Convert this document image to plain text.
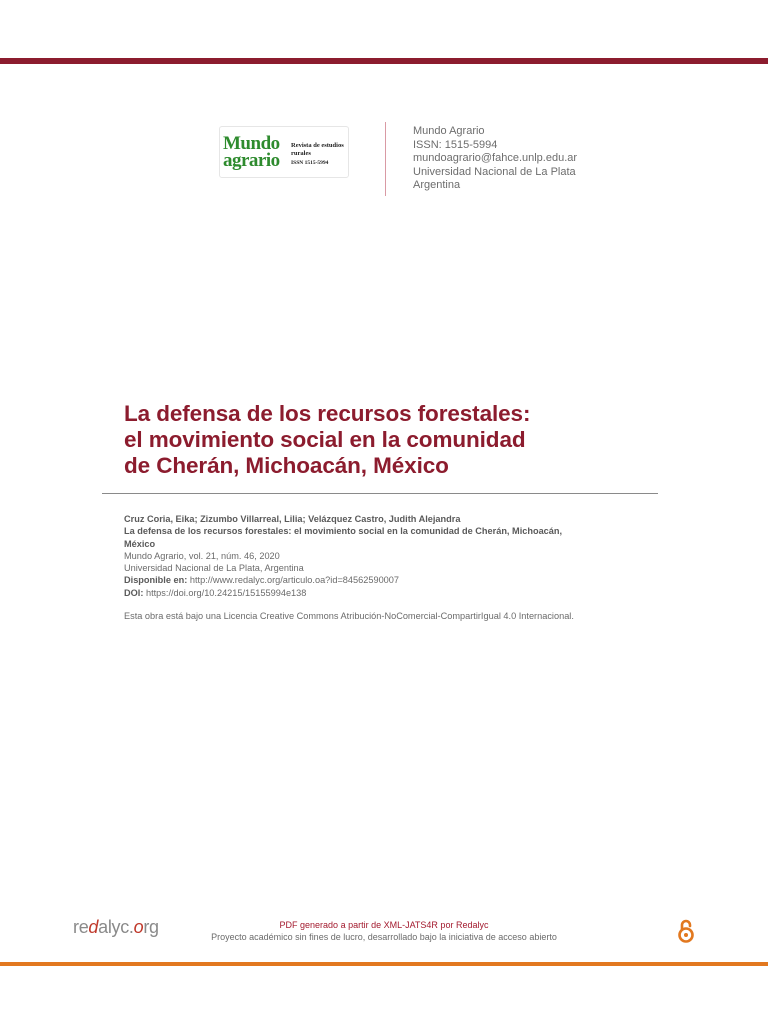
Mundo
agrario
Revista de estudios rurales
ISSN 1515-5994
Mundo Agrario
ISSN: 1515-5994
mundoagrario@fahce.unlp.edu.ar
Universidad Nacional de La Plata
Argentina
La defensa de los recursos forestales:
el movimiento social en la comunidad
de Cherán, Michoacán, México
Cruz Coria, Eika; Zizumbo Villarreal, Lilia; Velázquez Castro, Judith Alejandra
La defensa de los recursos forestales: el movimiento social en la comunidad de Cherán, Michoacán,
México
Mundo Agrario, vol. 21, núm. 46, 2020
Universidad Nacional de La Plata, Argentina
Disponible en: http://www.redalyc.org/articulo.oa?id=84562590007
DOI: https://doi.org/10.24215/15155994e138
Esta obra está bajo una Licencia Creative Commons Atribución-NoComercial-CompartirIgual 4.0 Internacional.
redalyc.org	PDF generado a partir de XML-JATS4R por Redalyc
Proyecto académico sin fines de lucro, desarrollado bajo la iniciativa de acceso abierto
